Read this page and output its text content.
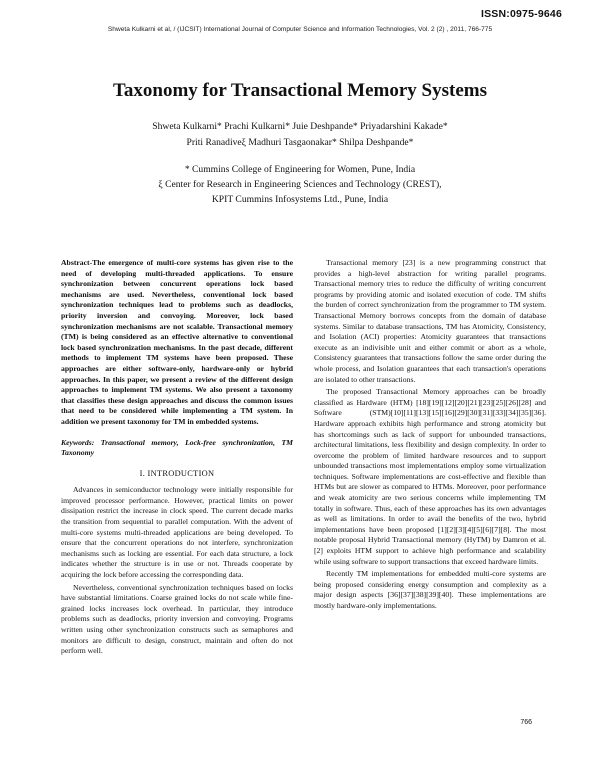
ISSN:0975-9646
Shweta Kulkarni et al, / (IJCSIT) International Journal of Computer Science and Information Technologies, Vol. 2 (2) , 2011, 766-775
Taxonomy for Transactional Memory Systems
Shweta Kulkarni* Prachi Kulkarni* Juie Deshpande* Priyadarshini Kakade*
Priti Ranadiveξ Madhuri Tasgaonakar* Shilpa Deshpande*
* Cummins College of Engineering for Women, Pune, India
ξ Center for Research in Engineering Sciences and Technology (CREST),
KPIT Cummins Infosystems Ltd., Pune, India
Abstract-The emergence of multi-core systems has given rise to the need of developing multi-threaded applications. To ensure synchronization between concurrent operations lock based mechanisms are used. Nevertheless, conventional lock based synchronization techniques lead to problems such as deadlocks, priority inversion and convoying. Moreover, lock based synchronization mechanisms are not scalable. Transactional memory (TM) is being considered as an effective alternative to conventional lock based synchronization mechanisms. In the past decade, different methods to implement TM systems have been proposed. These approaches are either software-only, hardware-only or hybrid approaches. In this paper, we present a review of the different design approaches to implement TM systems. We also present a taxonomy that classifies these design approaches and discuss the common issues that need to be considered while implementing a TM system. In addition we present taxonomy for TM in embedded systems.
Keywords: Transactional memory, Lock-free synchronization, TM Taxonomy
I. INTRODUCTION

Advances in semiconductor technology were initially responsible for improved processor performance. However, practical limits on power dissipation restrict the increase in clock speed. The current decade marks the transition from sequential to parallel computation. With the advent of multi-core systems multi-threaded applications are being developed. To ensure that the concurrent operations do not interfere, synchronization mechanisms such as locking are essential. For each data structure, a lock indicates whether the structure is in use or not. Threads cooperate by acquiring the lock before accessing the corresponding data.

Nevertheless, conventional synchronization techniques based on locks have substantial limitations. Coarse grained locks do not scale while fine-grained locks increases lock overhead. In particular, they introduce problems such as deadlocks, priority inversion and convoying. Programs written using other synchronization constructs such as semaphores and monitors are difficult to design, construct, maintain and often do not perform well.

Transactional memory [23] is a new programming construct that provides a high-level abstraction for writing parallel programs. Transactional memory tries to reduce the difficulty of writing concurrent programs by providing atomic and isolated execution of code. TM shifts the burden of correct synchronization from the programmer to TM system. Transactional Memory borrows concepts from the domain of database systems. Similar to database transactions, TM has Atomicity, Consistency, and Isolation (ACI) properties: Atomicity guarantees that transactions execute as an indivisible unit and either commit or abort as a whole, Consistency guarantees that transactions follow the same order during the whole process, and Isolation guarantees that each transaction's operations are isolated to other transactions.

The proposed Transactional Memory approaches can be broadly classified as Hardware (HTM) [18][19][12][20][21][23][25][26][28] and Software (STM)[10][11][13][15][16][29][30][31][33][34][35][36]. Hardware approach exhibits high performance and strong atomicity but has shortcomings such as lack of support for unbounded transactions, architectural limitations, less flexibility and design complexity. In order to overcome the problem of limited hardware resources and to support unbounded transactions most implementations employ some virtualization techniques. Software implementations are cost-effective and flexible than HTMs but are slower as compared to HTMs. Moreover, poor performance and weak atomicity are two serious concerns while implementing TM totally in software. Thus, each of these approaches has its own advantages as well as limitations. In order to avail the benefits of the two, hybrid implementations have been proposed [1][2][3][4][5][6][7][8]. The most notable proposal Hybrid Transactional memory (HyTM) by Damron et al. [2] exploits HTM support to achieve high performance and scalability while using software to support transactions that exceed hardware limits.

Recently TM implementations for embedded multi-core systems are being proposed considering energy consumption and complexity as a major design aspects [36][37][38][39][40]. These implementations are mostly hardware-only implementations.

766
